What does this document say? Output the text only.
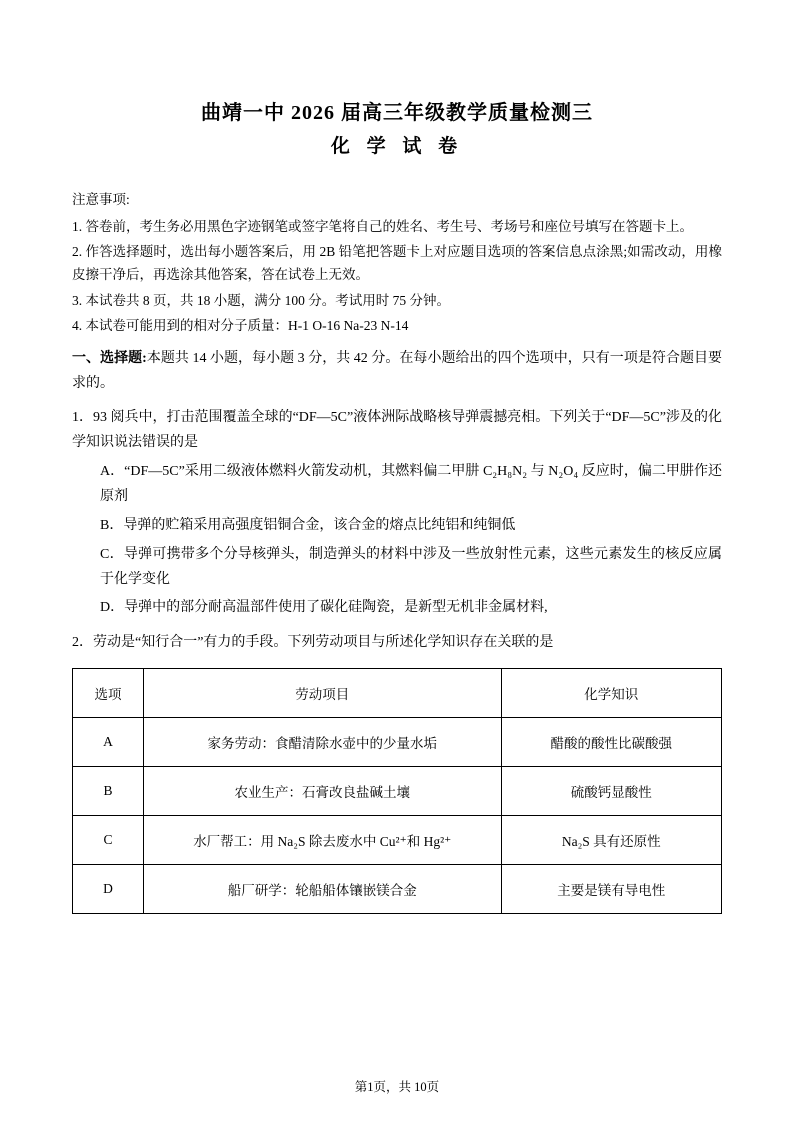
曲靖一中 2026 届高三年级教学质量检测三
化 学 试 卷
注意事项:
1. 答卷前，考生务必用黑色字迹钢笔或签字笔将自己的姓名、考生号、考场号和座位号填写在答题卡上。
2. 作答选择题时，选出每小题答案后，用 2B 铅笔把答题卡上对应题目选项的答案信息点涂黑;如需改动，用橡皮擦干净后，再选涂其他答案，答在试卷上无效。
3. 本试卷共 8 页，共 18 小题，满分 100 分。考试用时 75 分钟。
4. 本试卷可能用到的相对分子质量：H-1 O-16 Na-23 N-14
一、选择题:本题共 14 小题，每小题 3 分，共 42 分。在每小题给出的四个选项中，只有一项是符合题目要求的。
1．93 阅兵中，打击范围覆盖全球的“DF—5C”液体洲际战略核导弹震撼亮相。下列关于“DF—5C”涉及的化学知识说法错误的是
A．“DF—5C”采用二级液体燃料火箭发动机，其燃料偏二甲肼 C₂H₈N₂ 与 N₂O₄ 反应时，偏二甲肼作还原剂
B．导弹的贮箱采用高强度铝铜合金，该合金的熔点比纯铝和纯铜低
C．导弹可携带多个分导核弹头，制造弹头的材料中涉及一些放射性元素，这些元素发生的核反应属于化学变化
D．导弹中的部分耐高温部件使用了碳化硅陶瓷，是新型无机非金属材料,
2．劳动是“知行合一”有力的手段。下列劳动项目与所述化学知识存在关联的是
选项	劳动项目	化学知识
A	家务劳动：食醋清除水壶中的少量水垢	醋酸的酸性比碳酸强
B	农业生产：石膏改良盐碱土壤	硫酸钙显酸性
C	水厂帮工：用 Na₂S 除去废水中 Cu²⁺和 Hg²⁺	Na₂S 具有还原性
D	船厂研学：轮船船体镶嵌镁合金	主要是镁有导电性
第1页，共 10页
